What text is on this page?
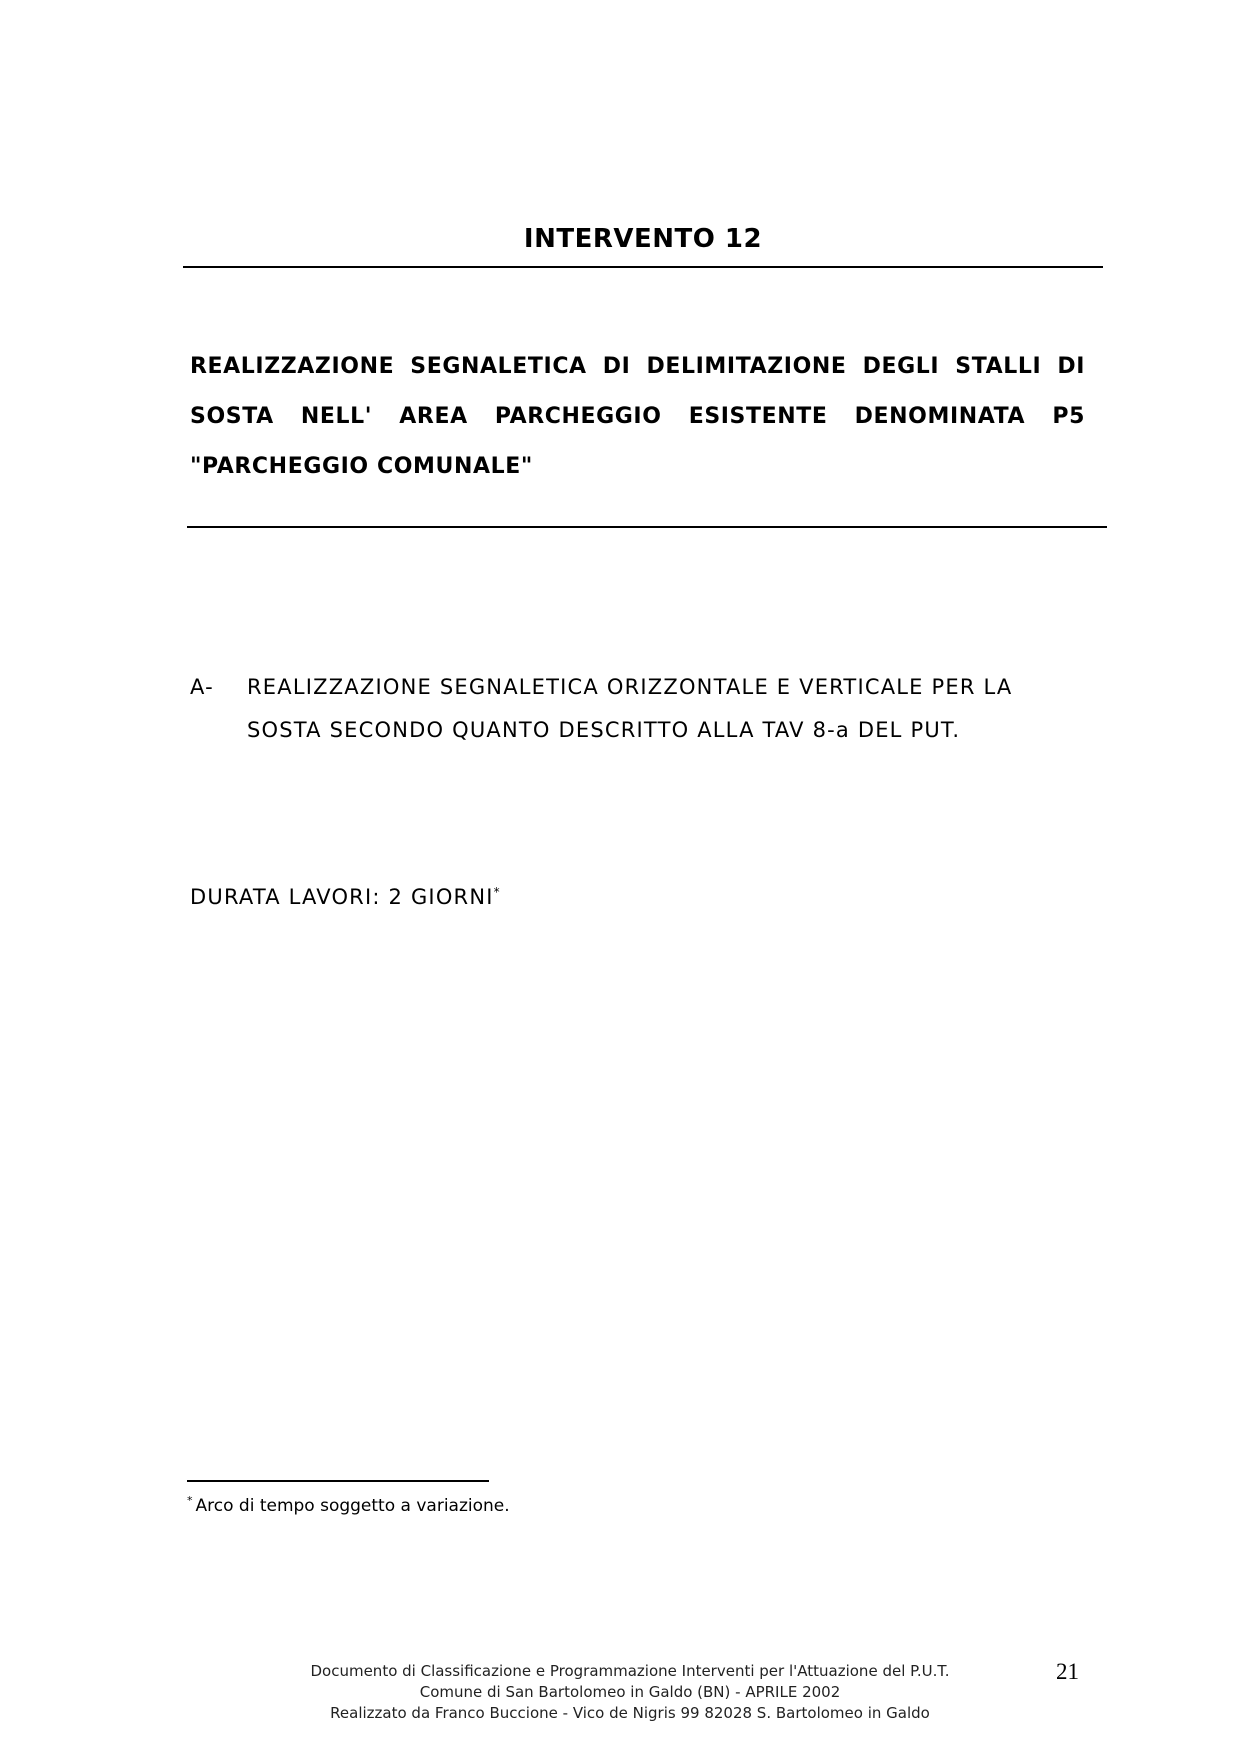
INTERVENTO 12
REALIZZAZIONE SEGNALETICA DI DELIMITAZIONE DEGLI STALLI DI SOSTA NELL' AREA PARCHEGGIO ESISTENTE DENOMINATA P5 "PARCHEGGIO COMUNALE"
A- REALIZZAZIONE SEGNALETICA ORIZZONTALE E VERTICALE PER LA SOSTA SECONDO QUANTO DESCRITTO ALLA TAV 8-a DEL PUT.
DURATA LAVORI: 2 GIORNI*
* Arco di tempo soggetto a variazione.
Documento di Classificazione e Programmazione Interventi per l'Attuazione del P.U.T.
Comune di San Bartolomeo in Galdo (BN) - APRILE 2002
Realizzato da Franco Buccione - Vico de Nigris 99 82028 S. Bartolomeo in Galdo
21
